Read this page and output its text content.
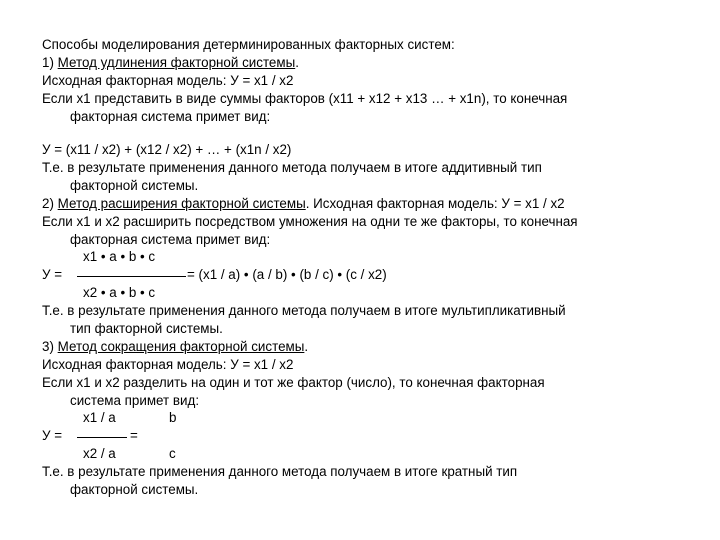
Способы моделирования детерминированных факторных систем:
1) Метод удлинения факторной системы.
Исходная факторная модель: У = х1 / х2
Если х1 представить в виде суммы факторов (х11 + х12 + х13 … + х1n), то конечная
факторная система примет вид:
У = (х11 / х2) + (х12 / х2) + … + (х1n / х2)
Т.е. в результате применения данного метода получаем в итоге аддитивный тип
факторной системы.
2) Метод расширения факторной системы. Исходная факторная модель: У = х1 / х2
Если х1 и х2 расширить посредством умножения на одни те же факторы, то конечная
факторная система примет вид:
х1 • а • b • c
У =	= (х1 / а) • (а / b) • (b / c) • (c / x2)
х2 • а • b • c
Т.е. в результате применения данного метода получаем в итоге мультипликативный
тип факторной системы.
3) Метод сокращения факторной системы.
Исходная факторная модель: У = х1 / х2
Если х1 и х2 разделить на один и тот же фактор (число), то конечная факторная
система примет вид:
х1 / а	b
У =	=
х2 / а	c
Т.е. в результате применения данного метода получаем в итоге кратный тип
факторной системы.
